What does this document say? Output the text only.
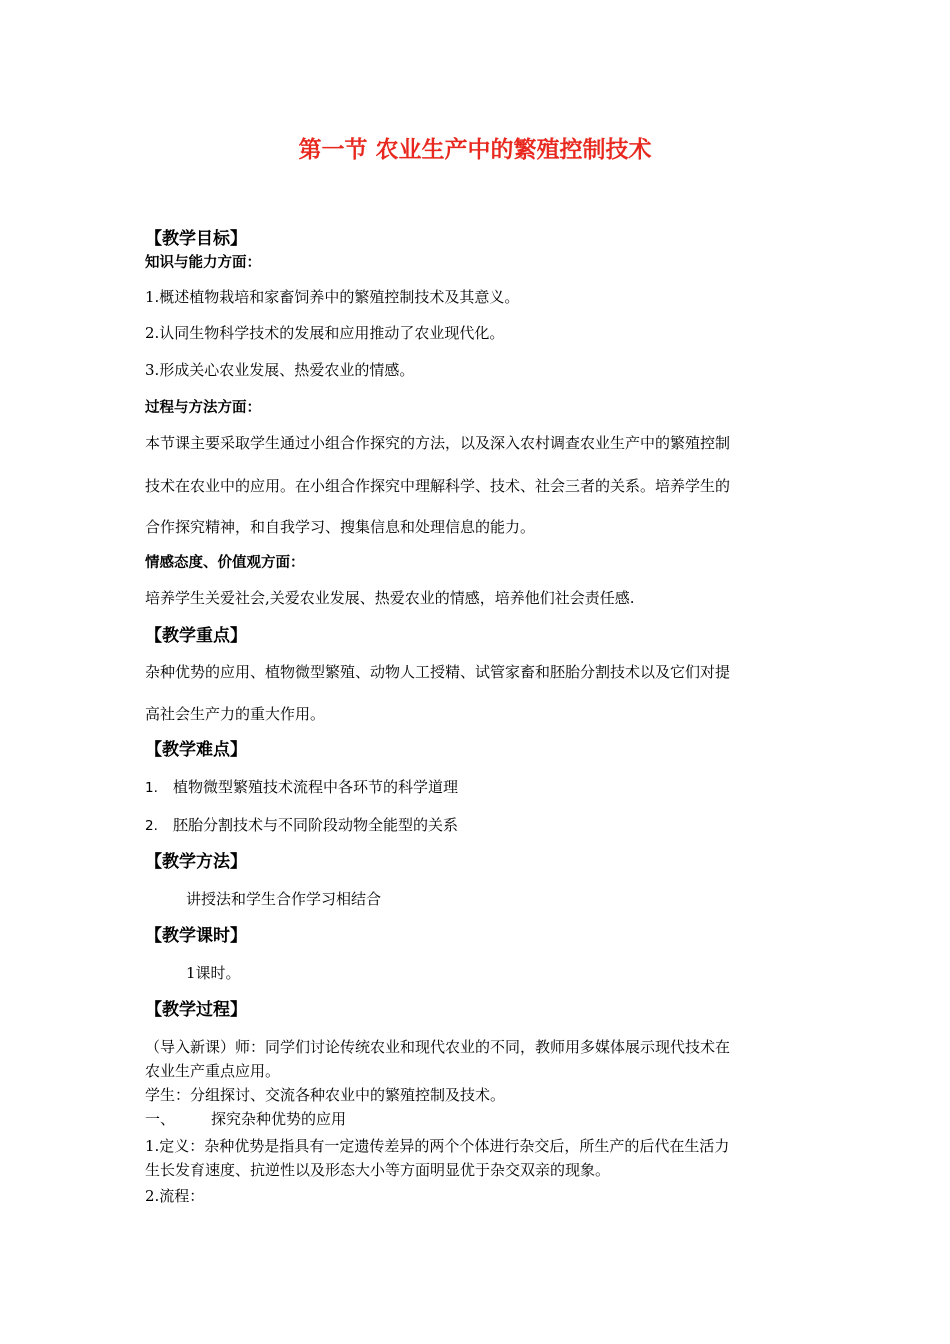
第一节 农业生产中的繁殖控制技术
【教学目标】
知识与能力方面：
1.概述植物栽培和家畜饲养中的繁殖控制技术及其意义。
2.认同生物科学技术的发展和应用推动了农业现代化。
3.形成关心农业发展、热爱农业的情感。
过程与方法方面：
本节课主要采取学生通过小组合作探究的方法，以及深入农村调查农业生产中的繁殖控制
技术在农业中的应用。在小组合作探究中理解科学、技术、社会三者的关系。培养学生的
合作探究精神，和自我学习、搜集信息和处理信息的能力。
情感态度、价值观方面：
培养学生关爱社会,关爱农业发展、热爱农业的情感，培养他们社会责任感.
【教学重点】
杂种优势的应用、植物微型繁殖、动物人工授精、试管家畜和胚胎分割技术以及它们对提
高社会生产力的重大作用。
【教学难点】
1. 植物微型繁殖技术流程中各环节的科学道理
2. 胚胎分割技术与不同阶段动物全能型的关系
【教学方法】
讲授法和学生合作学习相结合
【教学课时】
1课时。
【教学过程】
（导入新课）师：同学们讨论传统农业和现代农业的不同，教师用多媒体展示现代技术在
农业生产重点应用。
学生：分组探讨、交流各种农业中的繁殖控制及技术。
一、 探究杂种优势的应用
1.定义：杂种优势是指具有一定遗传差异的两个个体进行杂交后，所生产的后代在生活力
生长发育速度、抗逆性以及形态大小等方面明显优于杂交双亲的现象。
2.流程：
